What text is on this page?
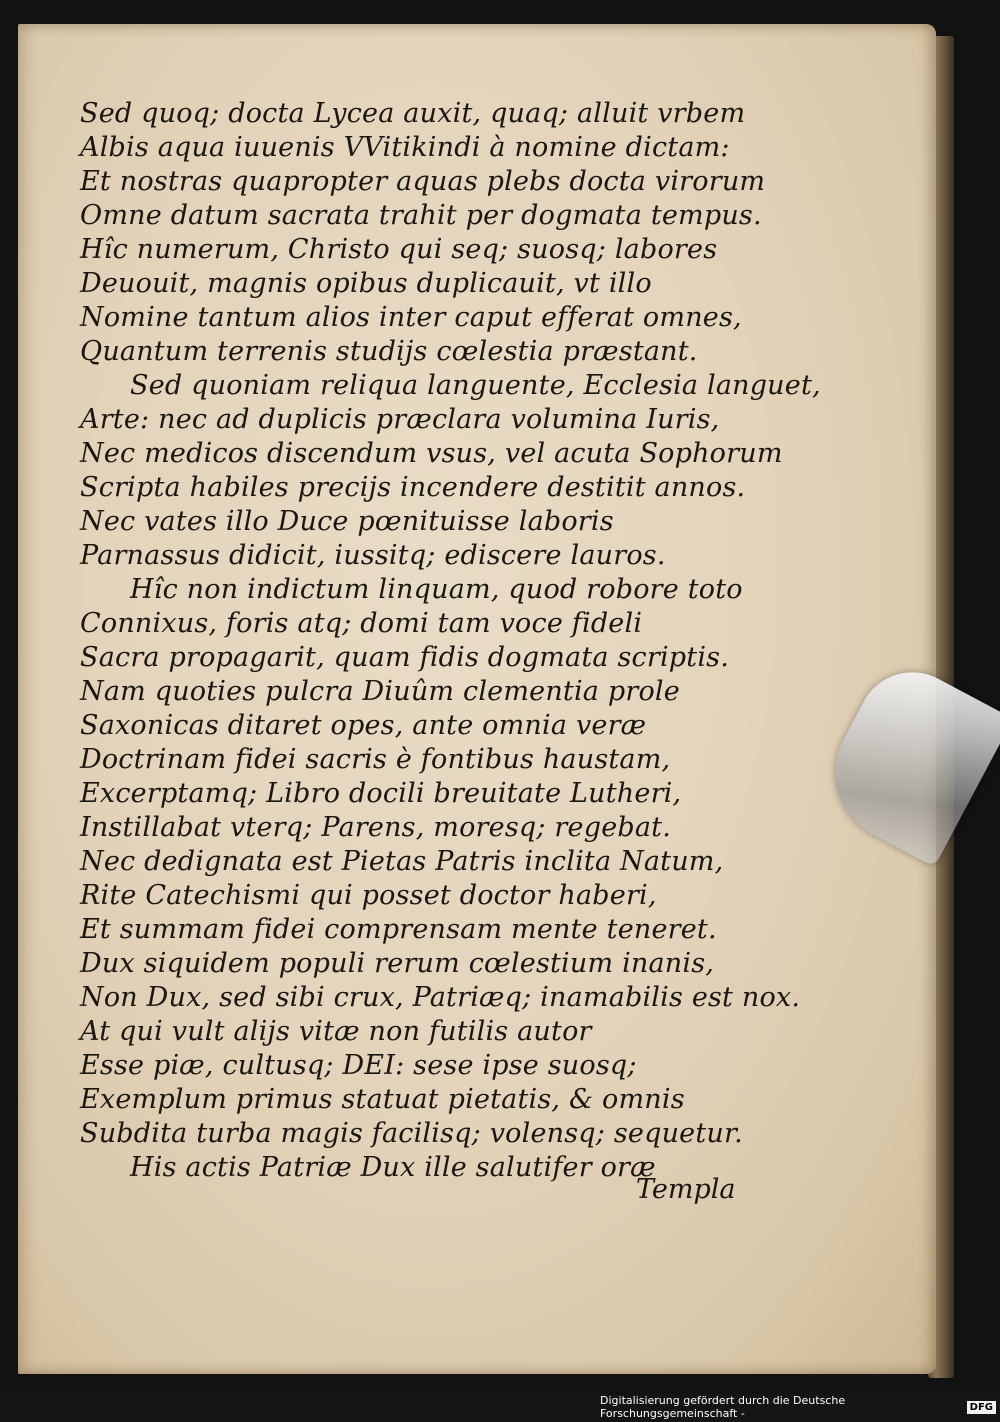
Sed quoq; docta Lycea auxit, quaq; alluit vrbem
Albis aqua iuuenis VVitikindi à nomine dictam:
Et nostras quapropter aquas plebs docta virorum
Omne datum sacrata trahit per dogmata tempus.
Hîc numerum, Christo qui seq; suosq; labores
Deuouit, magnis opibus duplicauit, vt illo
Nomine tantum alios inter caput efferat omnes,
Quantum terrenis studijs cœlestia præstant.
Sed quoniam reliqua languente, Ecclesia languet,
Arte: nec ad duplicis præclara volumina Iuris,
Nec medicos discendum vsus, vel acuta Sophorum
Scripta habiles precijs incendere destitit annos.
Nec vates illo Duce pœnituisse laboris
Parnassus didicit, iussitq; ediscere lauros.
Hîc non indictum linquam, quod robore toto
Connixus, foris atq; domi tam voce fideli
Sacra propagarit, quam fidis dogmata scriptis.
Nam quoties pulcra Diuûm clementia prole
Saxonicas ditaret opes, ante omnia veræ
Doctrinam fidei sacris è fontibus haustam,
Excerptamq; Libro docili breuitate Lutheri,
Instillabat vterq; Parens, moresq; regebat.
Nec dedignata est Pietas Patris inclita Natum,
Rite Catechismi qui posset doctor haberi,
Et summam fidei comprensam mente teneret.
Dux siquidem populi rerum cœlestium inanis,
Non Dux, sed sibi crux, Patriæq; inamabilis est nox.
At qui vult alijs vitæ non futilis autor
Esse piæ, cultusq; DEI: sese ipse suosq;
Exemplum primus statuat pietatis, & omnis
Subdita turba magis facilisq; volensq; sequetur.
His actis Patriæ Dux ille salutifer oræ
Templa
Digitalisierung gefördert durch die Deutsche Forschungsgemeinschaft -	DFG
